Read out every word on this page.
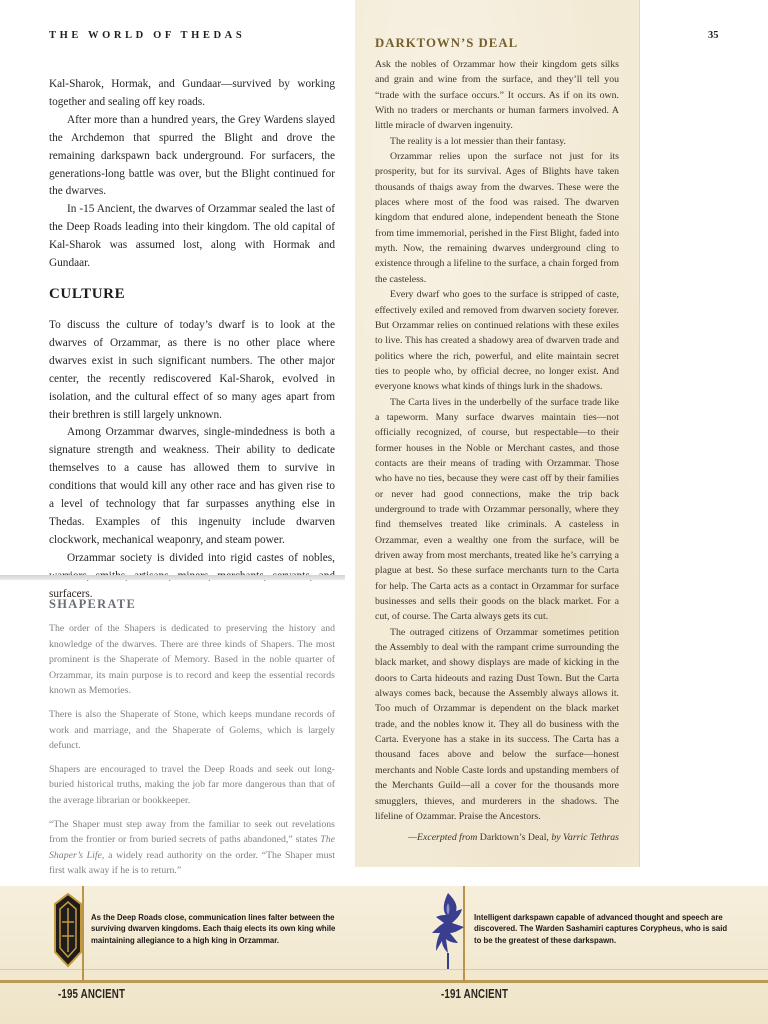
THE WORLD OF THEDAS	35

Kal-Sharok, Hormak, and Gundaar—survived by working together and sealing off key roads.

After more than a hundred years, the Grey Wardens slayed the Archdemon that spurred the Blight and drove the remaining darkspawn back underground. For surfacers, the generations-long battle was over, but the Blight continued for the dwarves.

In -15 Ancient, the dwarves of Orzammar sealed the last of the Deep Roads leading into their kingdom. The old capital of Kal-Sharok was assumed lost, along with Hormak and Gundaar.

CULTURE

To discuss the culture of today’s dwarf is to look at the dwarves of Orzammar, as there is no other place where dwarves exist in such significant numbers. The other major center, the recently rediscovered Kal-Sharok, evolved in isolation, and the cultural effect of so many ages apart from their brethren is still largely unknown.

Among Orzammar dwarves, single-mindedness is both a signature strength and weakness. Their ability to dedicate themselves to a cause has allowed them to survive in conditions that would kill any other race and has given rise to a level of technology that far surpasses anything else in Thedas. Examples of this ingenuity include dwarven clockwork, mechanical weaponry, and steam power.

Orzammar society is divided into rigid castes of nobles, surfacers.

SHAPERATE

The order of the Shapers is dedicated to preserving the history and knowledge of the dwarves. There are three kinds of Shapers. The most prominent is the Shaperate of Memory. Based in the noble quarter of Orzammar, its main purpose is to record and keep the essential records known as Memories.

There is also the Shaperate of Stone, which keeps mundane records of work and marriage, and the Shaperate of Golems, which is largely defunct.

Shapers are encouraged to travel the Deep Roads and seek out long-buried historical truths, making the job far more dangerous than that of the average librarian or bookkeeper.

“The Shaper must step away from the familiar to seek out revelations from the frontier or from buried secrets of paths abandoned,” states The Shaper’s Life, a widely read authority on the order. “The Shaper must first walk away if he is to return.”

DARKTOWN’S DEAL

Ask the nobles of Orzammar how their kingdom gets silks and grain and wine from the surface, and they’ll tell you “trade with the surface occurs.” It occurs. As if on its own. With no traders or merchants or human farmers involved. A little miracle of dwarven ingenuity.

The reality is a lot messier than their fantasy.

Orzammar relies upon the surface not just for its prosperity, but for its survival. Ages of Blights have taken thousands of thaigs away from the dwarves. These were the places where most of the food was raised. The dwarven kingdom that endured alone, independent beneath the Stone from time immemorial, perished in the First Blight, faded into myth. Now, the remaining dwarves underground cling to existence through a lifeline to the surface, a chain forged from the casteless.

Every dwarf who goes to the surface is stripped of caste, effectively exiled and removed from dwarven society forever. But Orzammar relies on continued relations with these exiles to live. This has created a shadowy area of dwarven trade and politics where the rich, powerful, and elite maintain secret ties to people who, by official decree, no longer exist. And everyone knows what kinds of things lurk in the shadows.

The Carta lives in the underbelly of the surface trade like a tapeworm. Many surface dwarves maintain ties—not officially recognized, of course, but respectable—to their former houses in the Noble or Merchant castes, and those contacts are their means of trading with Orzammar. Those who have no ties, because they were cast off by their families or never had good connections, make the trip back underground to trade with Orzammar personally, where they find themselves treated like criminals. A casteless in Orzammar, even a wealthy one from the surface, will be driven away from most merchants, treated like he’s carrying a plague at best. So these surface merchants turn to the Carta for help. The Carta acts as a contact in Orzammar for surface businesses and sells their goods on the black market. For a cut, of course. The Carta always gets its cut.

The outraged citizens of Orzammar sometimes petition the Assembly to deal with the rampant crime surrounding the black market, and showy displays are made of kicking in the doors to Carta hideouts and razing Dust Town. But the Carta always comes back, because the Assembly always allows it. Too much of Orzammar is dependent on the black market trade, and the nobles know it. They all do business with the Carta. Everyone has a stake in its success. The Carta has a thousand faces above and below the surface—honest merchants and Noble Caste lords and upstanding members of the Merchants Guild—all a cover for the thousands more smugglers, thieves, and murderers in the shadows. The lifeline of Ozammar. Praise the Ancestors.

—Excerpted from Darktown’s Deal, by Varric Tethras

As the Deep Roads close, communication lines falter between the surviving dwarven kingdoms. Each thaig elects its own king while maintaining allegiance to a high king in Orzammar.
-195 ANCIENT
Intelligent darkspawn capable of advanced thought and speech are discovered. The Warden Sashamiri captures Corypheus, who is said to be the greatest of these darkspawn.
-191 ANCIENT
